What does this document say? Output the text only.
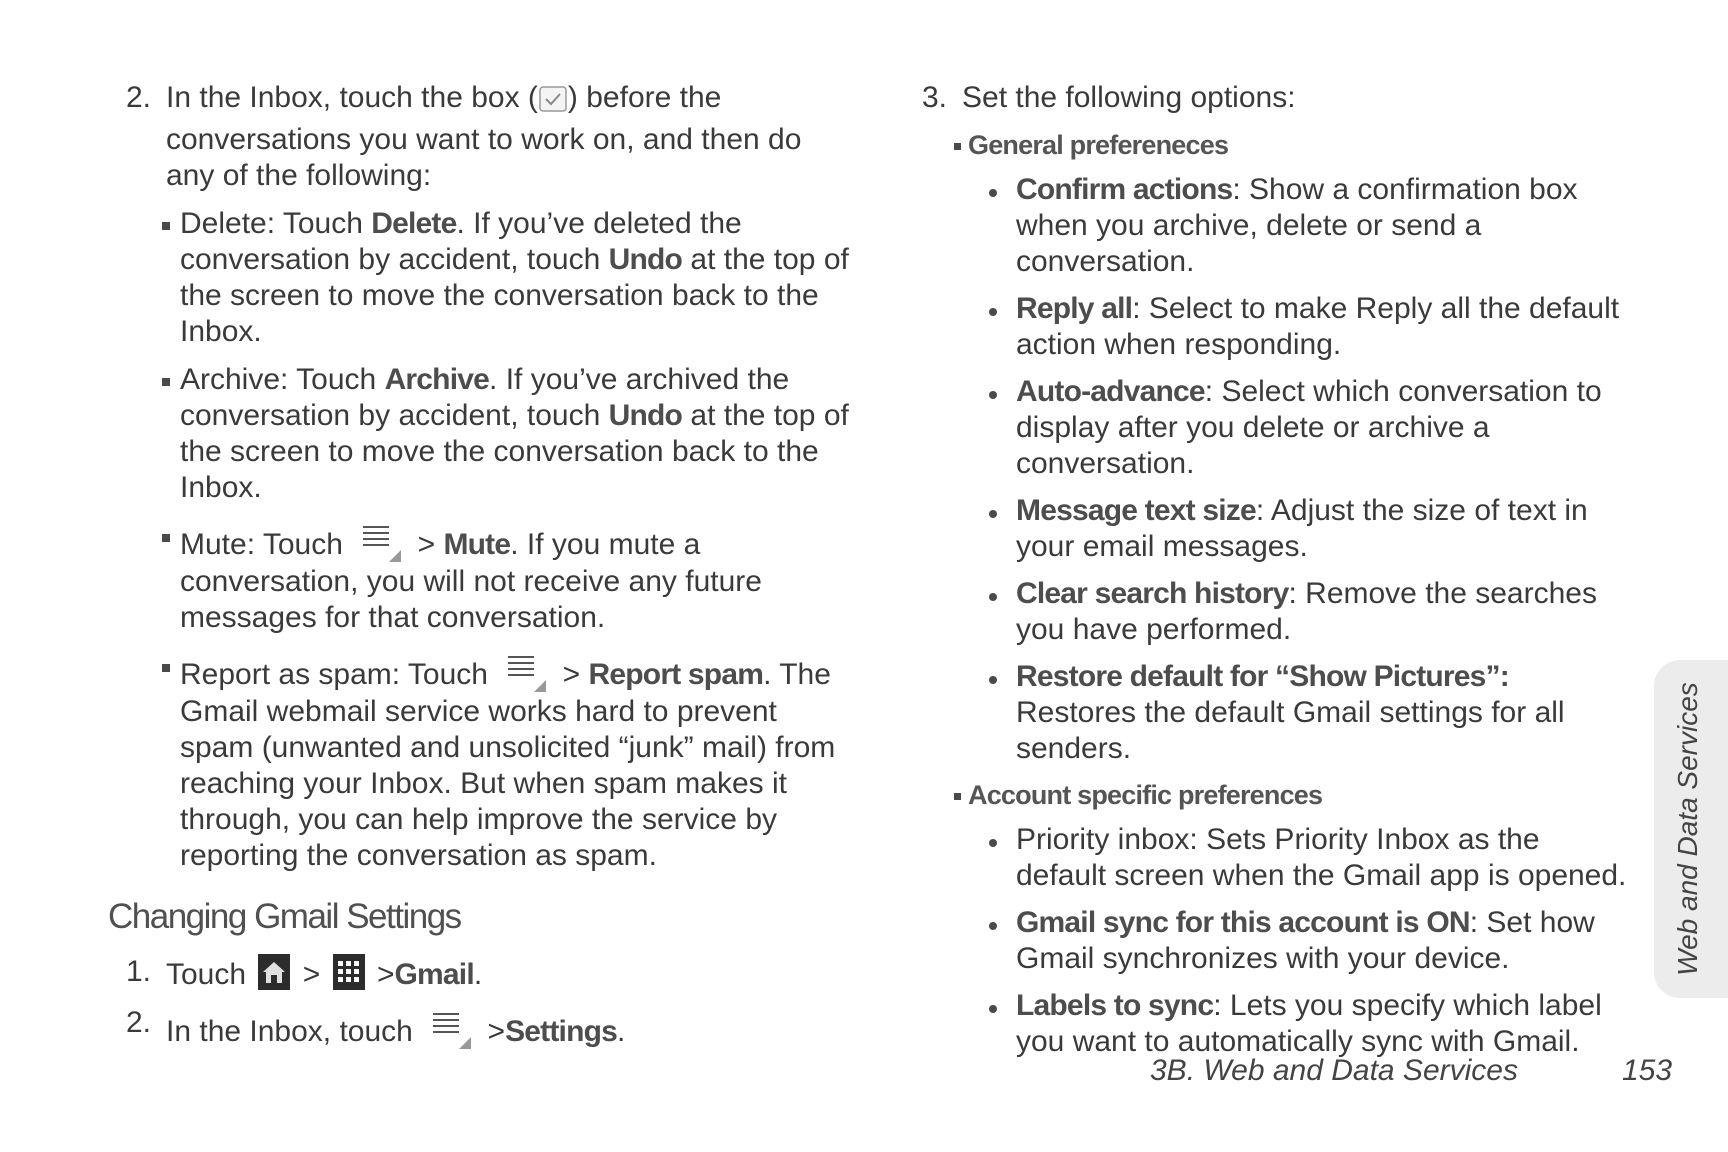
2. In the Inbox, touch the box ( ) before the conversations you want to work on, and then do any of the following:
Delete: Touch Delete. If you’ve deleted the conversation by accident, touch Undo at the top of the screen to move the conversation back to the Inbox.
Archive: Touch Archive. If you’ve archived the conversation by accident, touch Undo at the top of the screen to move the conversation back to the Inbox.
Mute: Touch > Mute. If you mute a conversation, you will not receive any future messages for that conversation.
Report as spam: Touch > Report spam. The Gmail webmail service works hard to prevent spam (unwanted and unsolicited “junk” mail) from reaching your Inbox. But when spam makes it through, you can help improve the service by reporting the conversation as spam.
Changing Gmail Settings
1. Touch > >Gmail.
2. In the Inbox, touch >Settings.
3. Set the following options:
General prefereneces
Confirm actions: Show a confirmation box when you archive, delete or send a conversation.
Reply all: Select to make Reply all the default action when responding.
Auto-advance: Select which conversation to display after you delete or archive a conversation.
Message text size: Adjust the size of text in your email messages.
Clear search history: Remove the searches you have performed.
Restore default for “Show Pictures”: Restores the default Gmail settings for all senders.
Account specific preferences
Priority inbox: Sets Priority Inbox as the default screen when the Gmail app is opened.
Gmail sync for this account is ON: Set how Gmail synchronizes with your device.
Labels to sync: Lets you specify which label you want to automatically sync with Gmail.
Web and Data Services
3B. Web and Data Services	153
